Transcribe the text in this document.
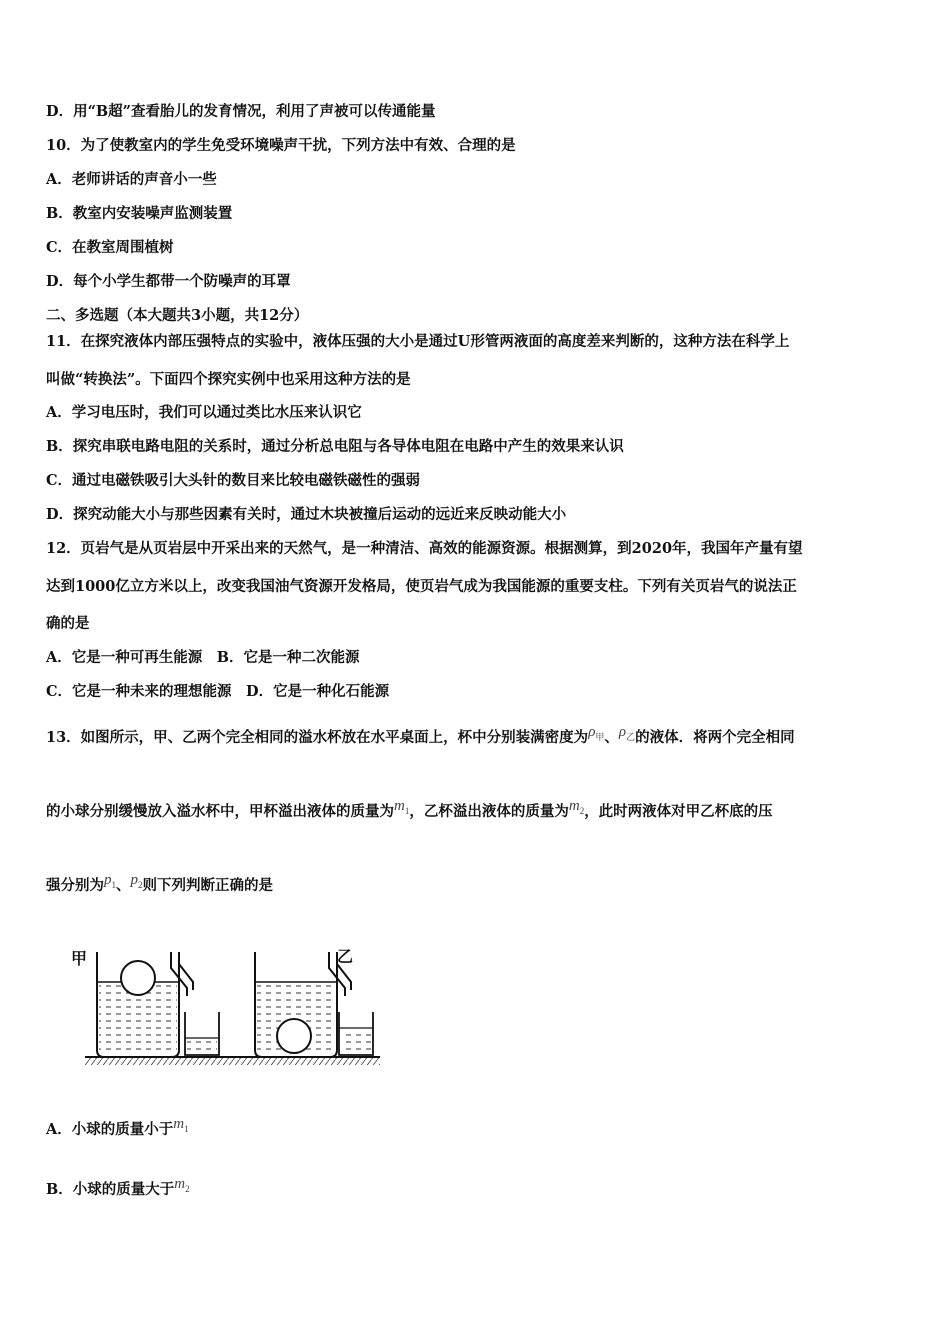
D．用“B超”查看胎儿的发育情况，利用了声被可以传通能量
10．为了使教室内的学生免受环境噪声干扰，下列方法中有效、合理的是
A．老师讲话的声音小一些
B．教室内安装噪声监测装置
C．在教室周围植树
D．每个小学生都带一个防噪声的耳罩
二、多选题（本大题共3小题，共12分）
11．在探究液体内部压强特点的实验中，液体压强的大小是通过U形管两液面的高度差来判断的，这种方法在科学上
叫做“转换法”。下面四个探究实例中也采用这种方法的是
A．学习电压时，我们可以通过类比水压来认识它
B．探究串联电路电阻的关系时，通过分析总电阻与各导体电阻在电路中产生的效果来认识
C．通过电磁铁吸引大头针的数目来比较电磁铁磁性的强弱
D．探究动能大小与那些因素有关时，通过木块被撞后运动的远近来反映动能大小
12．页岩气是从页岩层中开采出来的天然气，是一种清洁、高效的能源资源。根据测算，到2020年，我国年产量有望
达到1000亿立方米以上，改变我国油气资源开发格局，使页岩气成为我国能源的重要支柱。下列有关页岩气的说法正
确的是
A．它是一种可再生能源　B．它是一种二次能源
C．它是一种未来的理想能源　D．它是一种化石能源
13．如图所示，甲、乙两个完全相同的溢水杯放在水平桌面上，杯中分别装满密度为$\rho_甲$、$\rho_乙$的液体．将两个完全相同
的小球分别缓慢放入溢水杯中，甲杯溢出液体的质量为$m_1$，乙杯溢出液体的质量为$m_2$，此时两液体对甲乙杯底的压
强分别为$p_1$、$p_2$则下列判断正确的是
甲	乙
A．小球的质量小于$m_1$
B．小球的质量大于$m_2$
